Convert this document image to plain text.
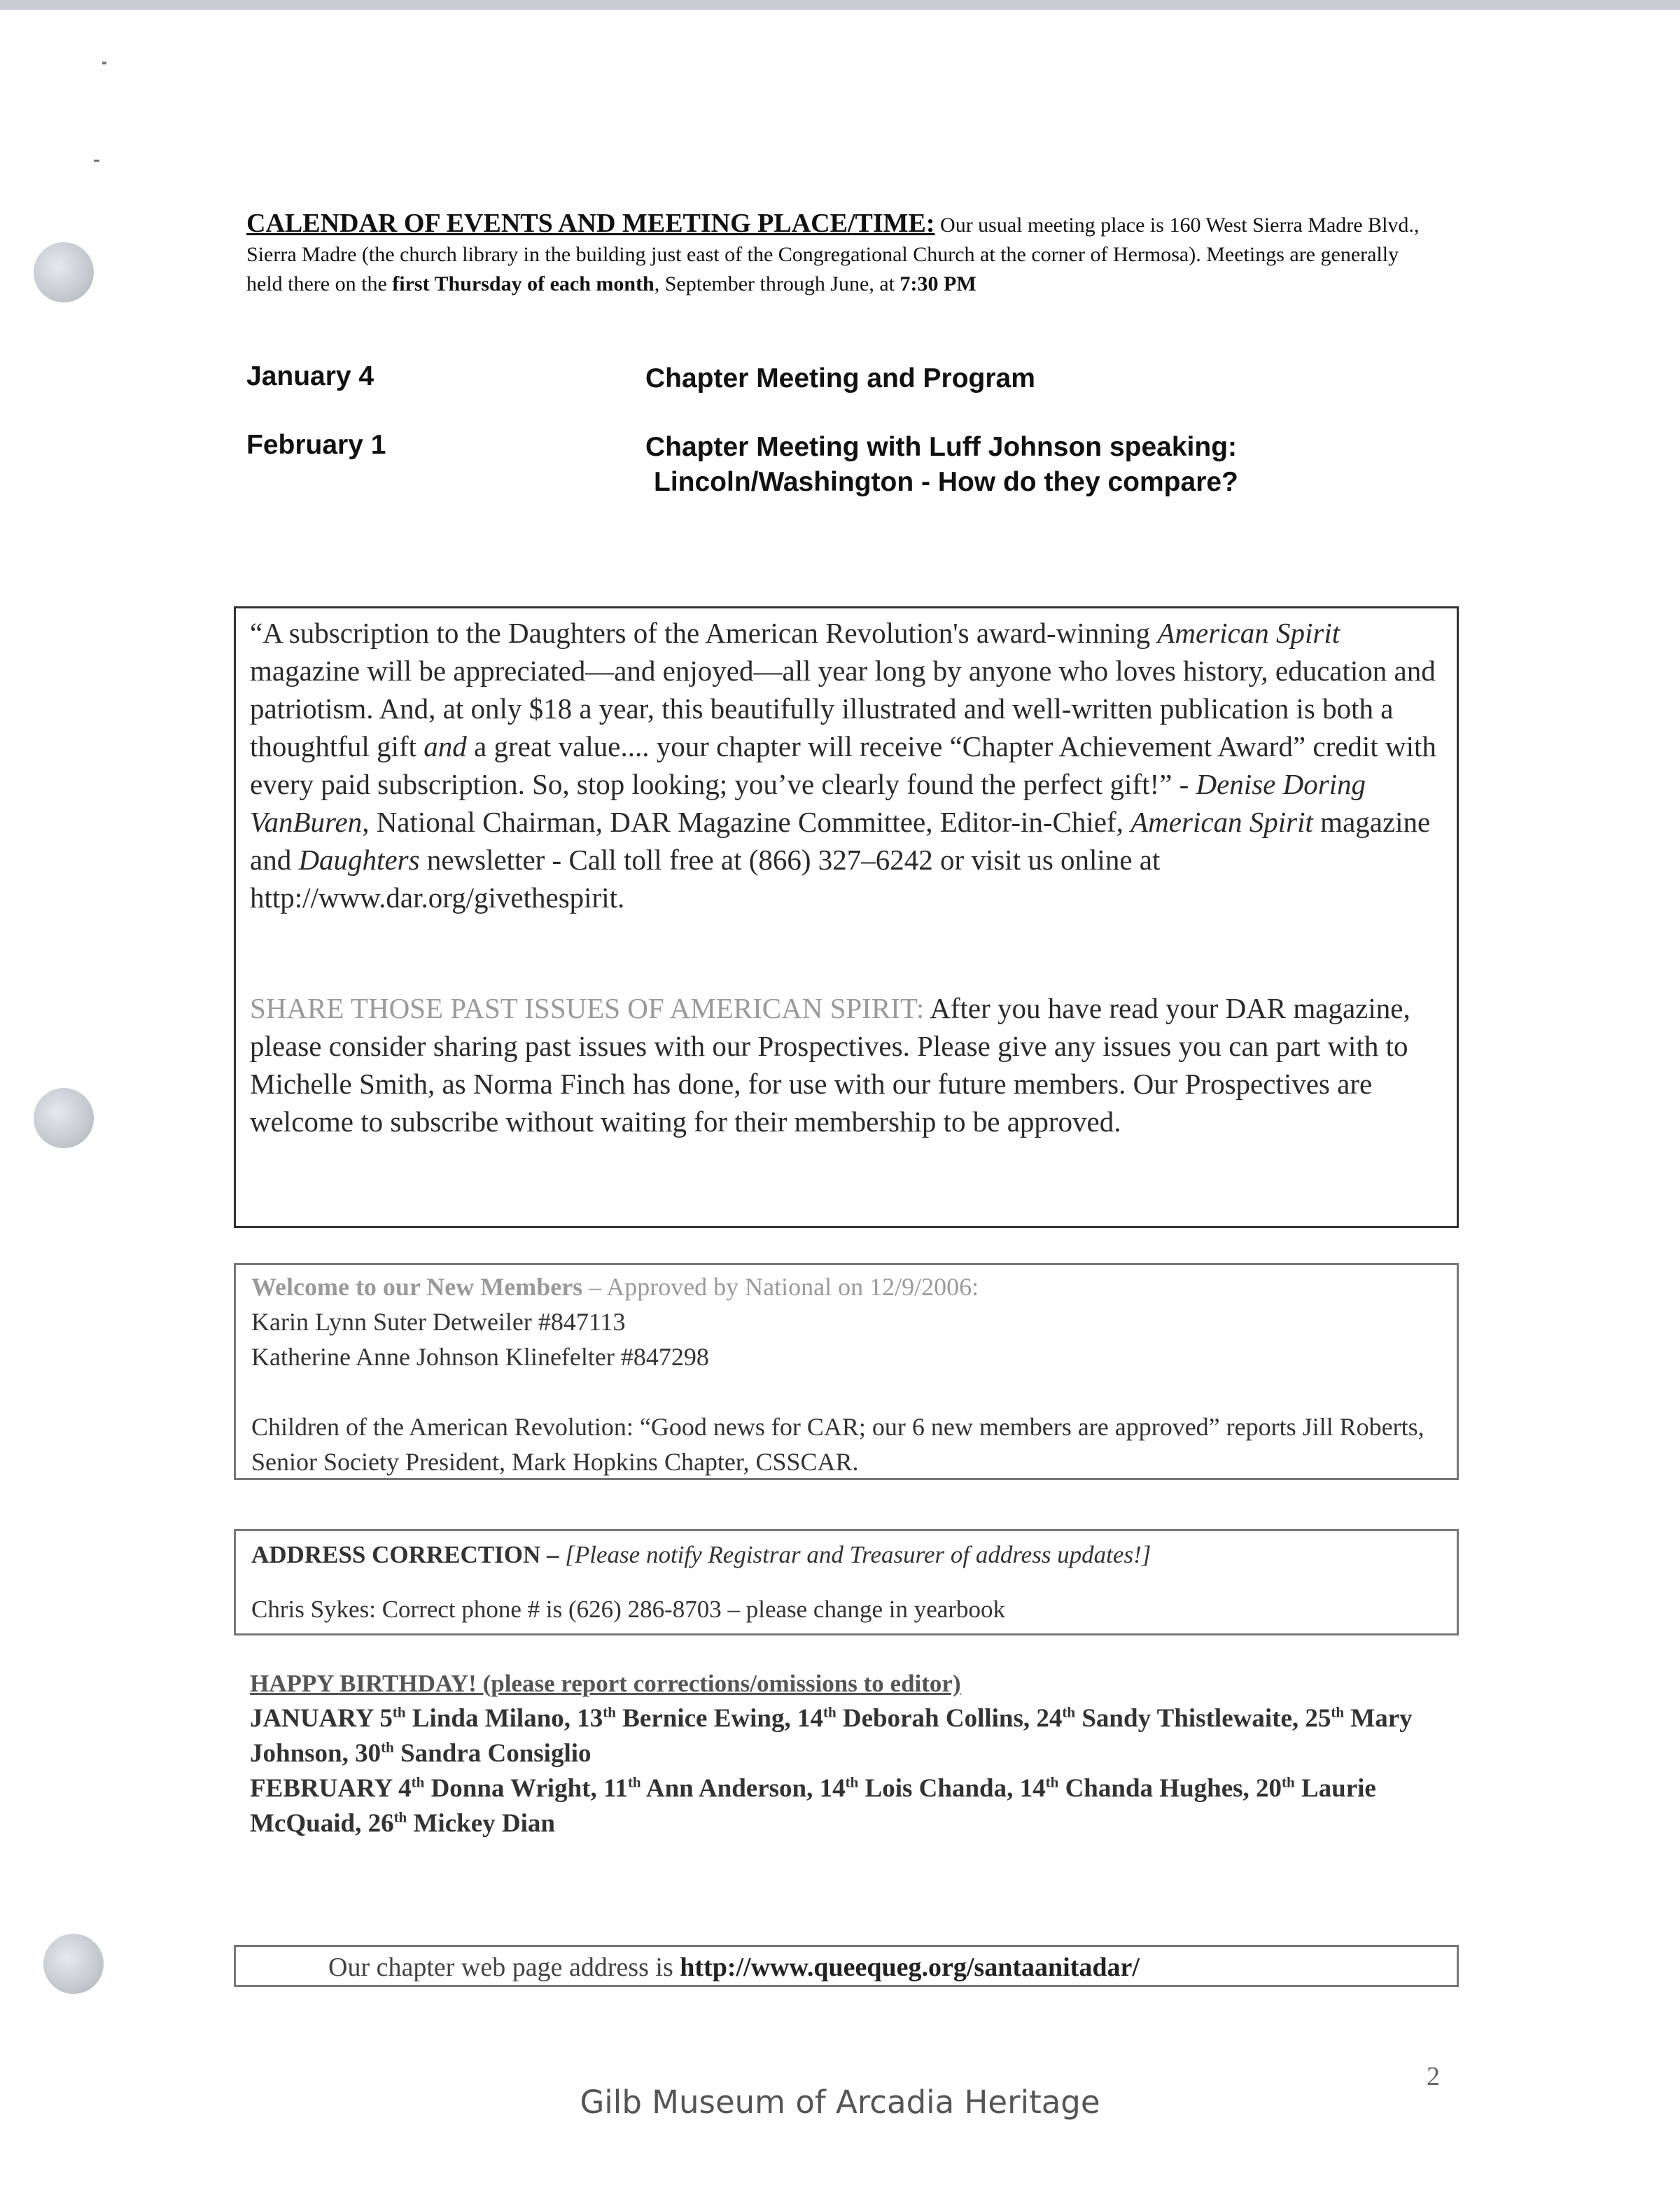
CALENDAR OF EVENTS AND MEETING PLACE/TIME: Our usual meeting place is 160 West Sierra Madre Blvd., Sierra Madre (the church library in the building just east of the Congregational Church at the corner of Hermosa). Meetings are generally held there on the first Thursday of each month, September through June, at 7:30 PM
January 4	Chapter Meeting and Program
February 1	Chapter Meeting with Luff Johnson speaking:
Lincoln/Washington - How do they compare?

“A subscription to the Daughters of the American Revolution's award-winning American Spirit magazine will be appreciated—and enjoyed—all year long by anyone who loves history, education and patriotism. And, at only $18 a year, this beautifully illustrated and well-written publication is both a thoughtful gift and a great value.... your chapter will receive “Chapter Achievement Award” credit with every paid subscription. So, stop looking; you’ve clearly found the perfect gift!” - Denise Doring VanBuren, National Chairman, DAR Magazine Committee, Editor-in-Chief, American Spirit magazine and Daughters newsletter - Call toll free at (866) 327–6242 or visit us online at http://www.dar.org/givethespirit.

SHARE THOSE PAST ISSUES OF AMERICAN SPIRIT: After you have read your DAR magazine, please consider sharing past issues with our Prospectives. Please give any issues you can part with to Michelle Smith, as Norma Finch has done, for use with our future members. Our Prospectives are welcome to subscribe without waiting for their membership to be approved.

Welcome to our New Members – Approved by National on 12/9/2006:
Karin Lynn Suter Detweiler #847113
Katherine Anne Johnson Klinefelter #847298
Children of the American Revolution: “Good news for CAR; our 6 new members are approved” reports Jill Roberts, Senior Society President, Mark Hopkins Chapter, CSSCAR.
ADDRESS CORRECTION – [Please notify Registrar and Treasurer of address updates!]
Chris Sykes: Correct phone # is (626) 286-8703 – please change in yearbook
HAPPY BIRTHDAY! (please report corrections/omissions to editor)
JANUARY 5th Linda Milano, 13th Bernice Ewing, 14th Deborah Collins, 24th Sandy Thistlewaite, 25th Mary Johnson, 30th Sandra Consiglio
FEBRUARY 4th Donna Wright, 11th Ann Anderson, 14th Lois Chanda, 14th Chanda Hughes, 20th Laurie McQuaid, 26th Mickey Dian
Our chapter web page address is http://www.queequeg.org/santaanitadar/
2
Gilb Museum of Arcadia Heritage
